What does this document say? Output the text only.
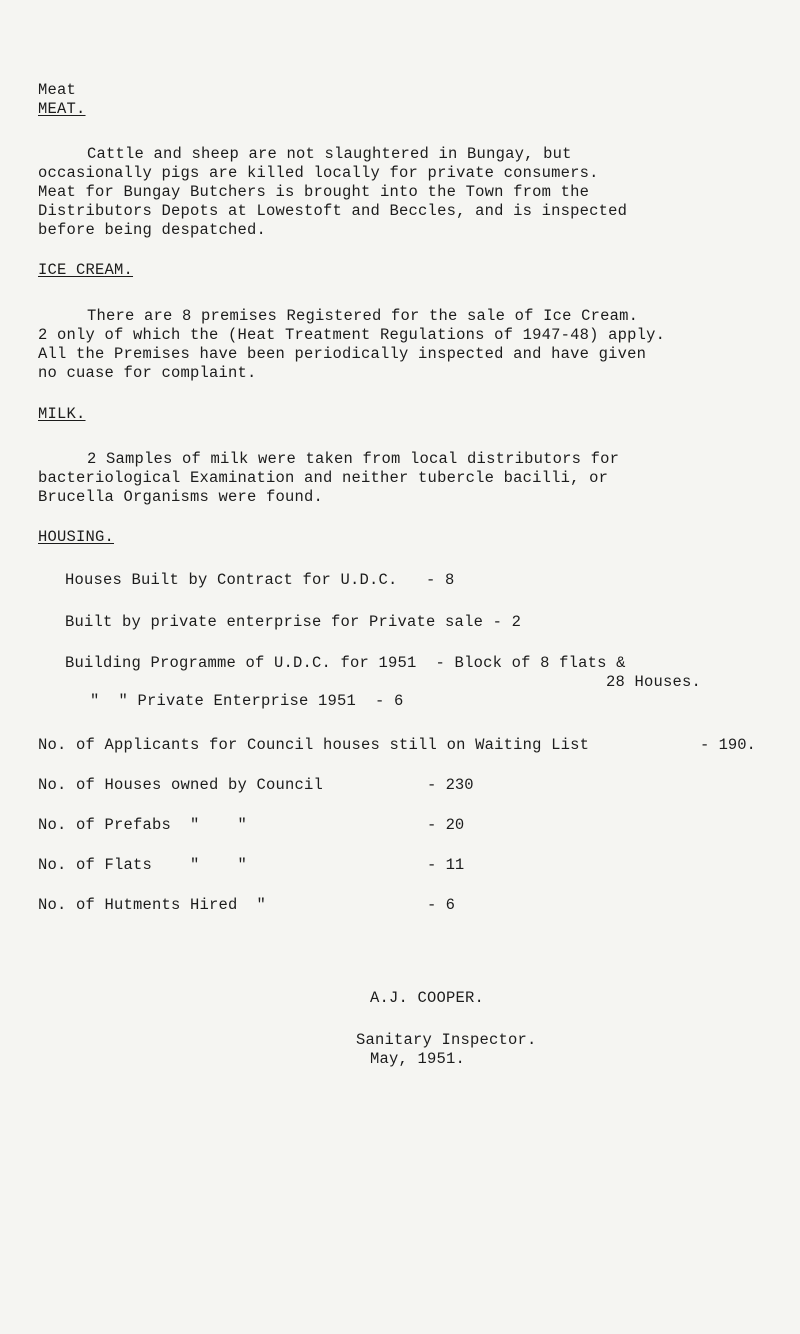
Meat
MEAT.
Cattle and sheep are not slaughtered in Bungay, but
occasionally pigs are killed locally for private consumers.
Meat for Bungay Butchers is brought into the Town from the
Distributors Depots at Lowestoft and Beccles, and is inspected
before being despatched.
ICE CREAM.
There are 8 premises Registered for the sale of Ice Cream.
2 only of which the (Heat Treatment Regulations of 1947-48) apply.
All the Premises have been periodically inspected and have given
no cuase for complaint.
MILK.
2 Samples of milk were taken from local distributors for
bacteriological Examination and neither tubercle bacilli, or
Brucella Organisms were found.
HOUSING.
Houses Built by Contract for U.D.C.   - 8
Built by private enterprise for Private sale - 2
Building Programme of U.D.C. for 1951  - Block of 8 flats &
28 Houses.
"  " Private Enterprise 1951  - 6
No. of Applicants for Council houses still on Waiting List	- 190.
No. of Houses owned by Council	- 230
No. of Prefabs  "    "	- 20
No. of Flats    "    "	- 11
No. of Hutments Hired  "	- 6
A.J. COOPER.
Sanitary Inspector.
May, 1951.
